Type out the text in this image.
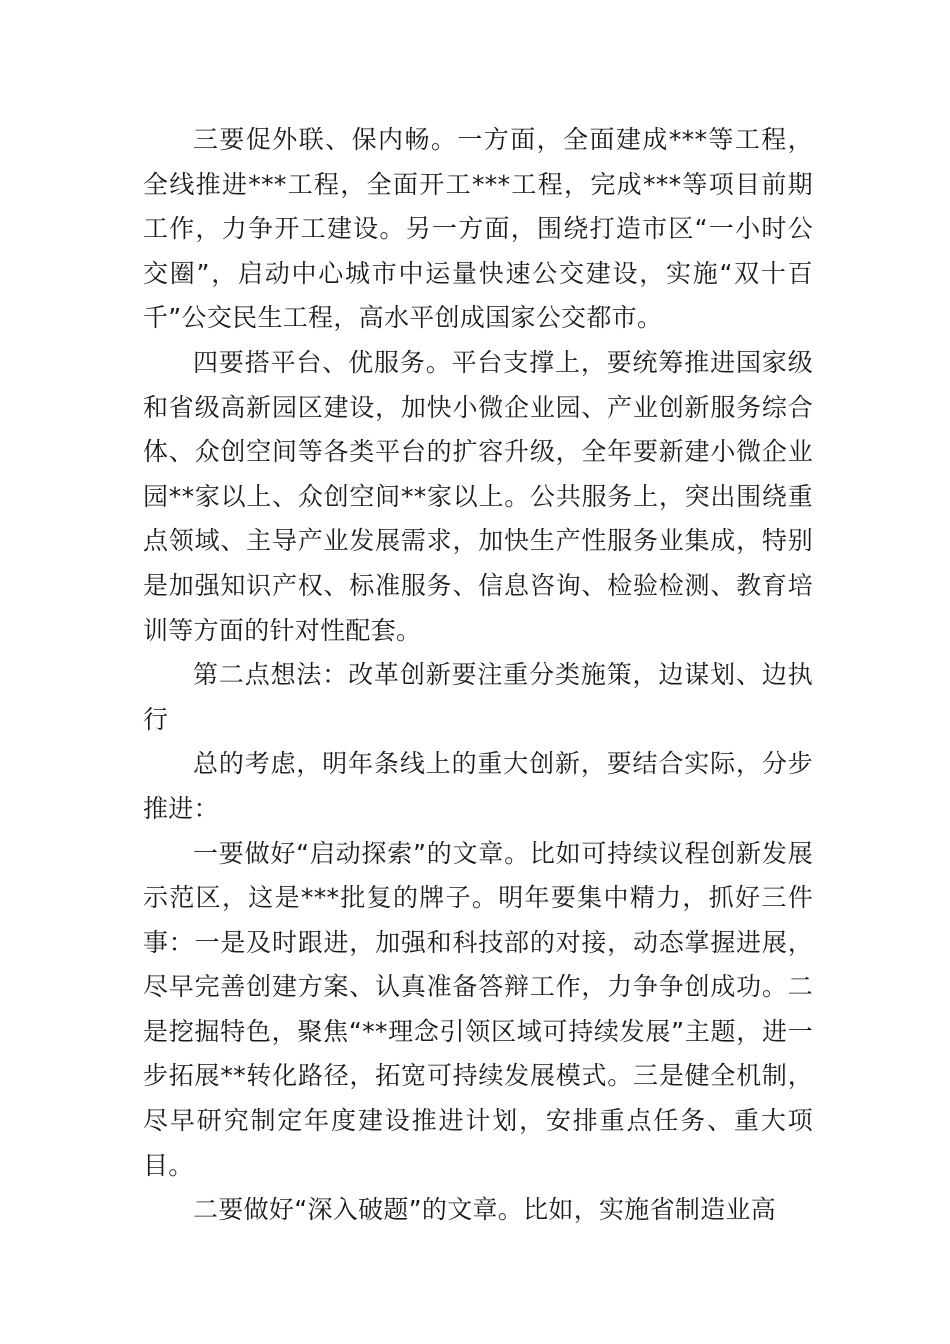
三要促外联、保内畅。一方面，全面建成***等工程，全线推进***工程，全面开工***工程，完成***等项目前期工作，力争开工建设。另一方面，围绕打造市区“一小时公交圈”，启动中心城市中运量快速公交建设，实施“双十百千”公交民生工程，高水平创成国家公交都市。

四要搭平台、优服务。平台支撑上，要统筹推进国家级和省级高新园区建设，加快小微企业园、产业创新服务综合体、众创空间等各类平台的扩容升级，全年要新建小微企业园**家以上、众创空间**家以上。公共服务上，突出围绕重点领域、主导产业发展需求，加快生产性服务业集成，特别是加强知识产权、标准服务、信息咨询、检验检测、教育培训等方面的针对性配套。

第二点想法：改革创新要注重分类施策，边谋划、边执行

总的考虑，明年条线上的重大创新，要结合实际，分步推进：

一要做好“启动探索”的文章。比如可持续议程创新发展示范区，这是***批复的牌子。明年要集中精力，抓好三件事：一是及时跟进，加强和科技部的对接，动态掌握进展，尽早完善创建方案、认真准备答辩工作，力争争创成功。二是挖掘特色，聚焦“**理念引领区域可持续发展”主题，进一步拓展**转化路径，拓宽可持续发展模式。三是健全机制，尽早研究制定年度建设推进计划，安排重点任务、重大项目。

二要做好“深入破题”的文章。比如，实施省制造业高
